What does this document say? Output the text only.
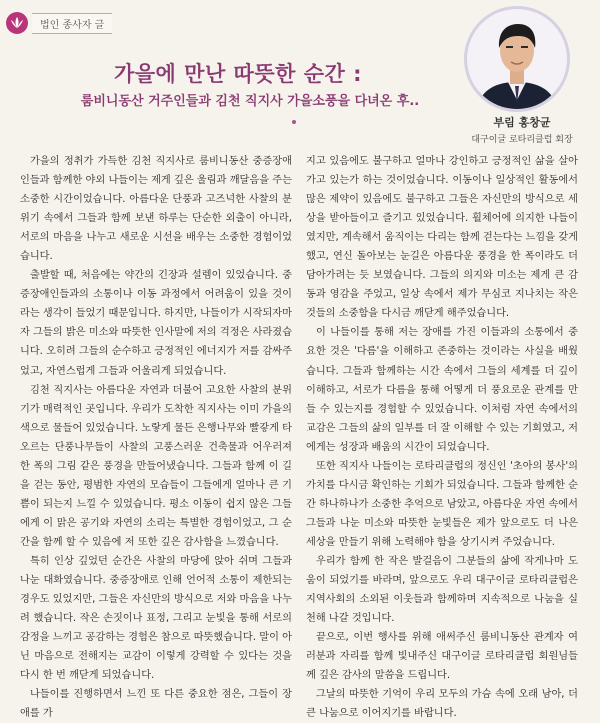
법인 종사자 글
가을에 만난 따뜻한 순간 :
룸비니동산 거주인들과 김천 직지사 가을소풍을 다녀온 후..
부림 홍창균
대구이글 로타리클럽 회장

가을의 정취가 가득한 김천 직지사로 룸비니동산 중증장애인들과 함께한 야외 나들이는 제게 깊은 울림과 깨달음을 주는 소중한 시간이었습니다. 아름다운 단풍과 고즈넉한 사찰의 분위기 속에서 그들과 함께 보낸 하루는 단순한 외출이 아니라, 서로의 마음을 나누고 새로운 시선을 배우는 소중한 경험이었습니다.

출발할 때, 처음에는 약간의 긴장과 설렘이 있었습니다. 중증장애인들과의 소통이나 이동 과정에서 어려움이 있을 것이라는 생각이 들었기 때문입니다. 하지만, 나들이가 시작되자마자 그들의 밝은 미소와 따뜻한 인사말에 저의 걱정은 사라졌습니다. 오히려 그들의 순수하고 긍정적인 에너지가 저를 감싸주었고, 자연스럽게 그들과 어울리게 되었습니다.

김천 직지사는 아름다운 자연과 더불어 고요한 사찰의 분위기가 매력적인 곳입니다. 우리가 도착한 직지사는 이미 가을의 색으로 물들어 있었습니다. 노랗게 물든 은행나무와 빨갛게 타오르는 단풍나무들이 사찰의 고풍스러운 건축물과 어우러져 한 폭의 그림 같은 풍경을 만들어냈습니다. 그들과 함께 이 길을 걷는 동안, 평범한 자연의 모습들이 그들에게 얼마나 큰 기쁨이 되는지 느낄 수 있었습니다. 평소 이동이 쉽지 않은 그들에게 이 맑은 공기와 자연의 소리는 특별한 경험이었고, 그 순간을 함께 할 수 있음에 저 또한 깊은 감사함을 느꼈습니다.

특히 인상 깊었던 순간은 사찰의 마당에 앉아 쉬며 그들과 나눈 대화였습니다. 중증장애로 인해 언어적 소통이 제한되는 경우도 있었지만, 그들은 자신만의 방식으로 저와 마음을 나누려 했습니다. 작은 손짓이나 표정, 그리고 눈빛을 통해 서로의 감정을 느끼고 공감하는 경험은 참으로 따뜻했습니다. 말이 아닌 마음으로 전해지는 교감이 이렇게 강력할 수 있다는 것을 다시 한 번 깨닫게 되었습니다.

나들이를 진행하면서 느낀 또 다른 중요한 점은, 그들이 장애를 가

지고 있음에도 불구하고 얼마나 강인하고 긍정적인 삶을 살아가고 있는가 하는 것이었습니다. 이동이나 일상적인 활동에서 많은 제약이 있음에도 불구하고 그들은 자신만의 방식으로 세상을 받아들이고 즐기고 있었습니다. 휠체어에 의지한 나들이였지만, 계속해서 움직이는 다리는 함께 걷는다는 느낌을 갖게 했고, 연신 돌아보는 눈길은 아름다운 풍경을 한 폭이라도 더 담아가려는 듯 보였습니다. 그들의 의지와 미소는 제게 큰 감동과 영감을 주었고, 일상 속에서 제가 무심코 지나치는 작은 것들의 소중함을 다시금 깨닫게 해주었습니다.

이 나들이를 통해 저는 장애를 가진 이들과의 소통에서 중요한 것은 '다름'을 이해하고 존중하는 것이라는 사실을 배웠습니다. 그들과 함께하는 시간 속에서 그들의 세계를 더 깊이 이해하고, 서로가 다름을 통해 어떻게 더 풍요로운 관계를 만들 수 있는지를 경험할 수 있었습니다. 이처럼 자연 속에서의 교감은 그들의 삶의 일부를 더 잘 이해할 수 있는 기회였고, 저에게는 성장과 배움의 시간이 되었습니다.

또한 직지사 나들이는 로타리클럽의 정신인 '초아의 봉사'의 가치를 다시금 확인하는 기회가 되었습니다. 그들과 함께한 순간 하나하나가 소중한 추억으로 남았고, 아름다운 자연 속에서 그들과 나눈 미소와 따뜻한 눈빛들은 제가 앞으로도 더 나은 세상을 만들기 위해 노력해야 함을 상기시켜 주었습니다.

우리가 함께 한 작은 발걸음이 그분들의 삶에 작게나마 도움이 되었기를 바라며, 앞으로도 우리 대구이글 로타리클럽은 지역사회의 소외된 이웃들과 함께하며 지속적으로 나눔을 실천해 나갈 것입니다.

끝으로, 이번 행사를 위해 애써주신 룸비니동산 관계자 여러분과 자리를 함께 빛내주신 대구이글 로타리클럽 회원님들께 깊은 감사의 말씀을 드립니다.

그날의 따뜻한 기억이 우리 모두의 가슴 속에 오래 남아, 더 큰 나눔으로 이어지기를 바랍니다.
